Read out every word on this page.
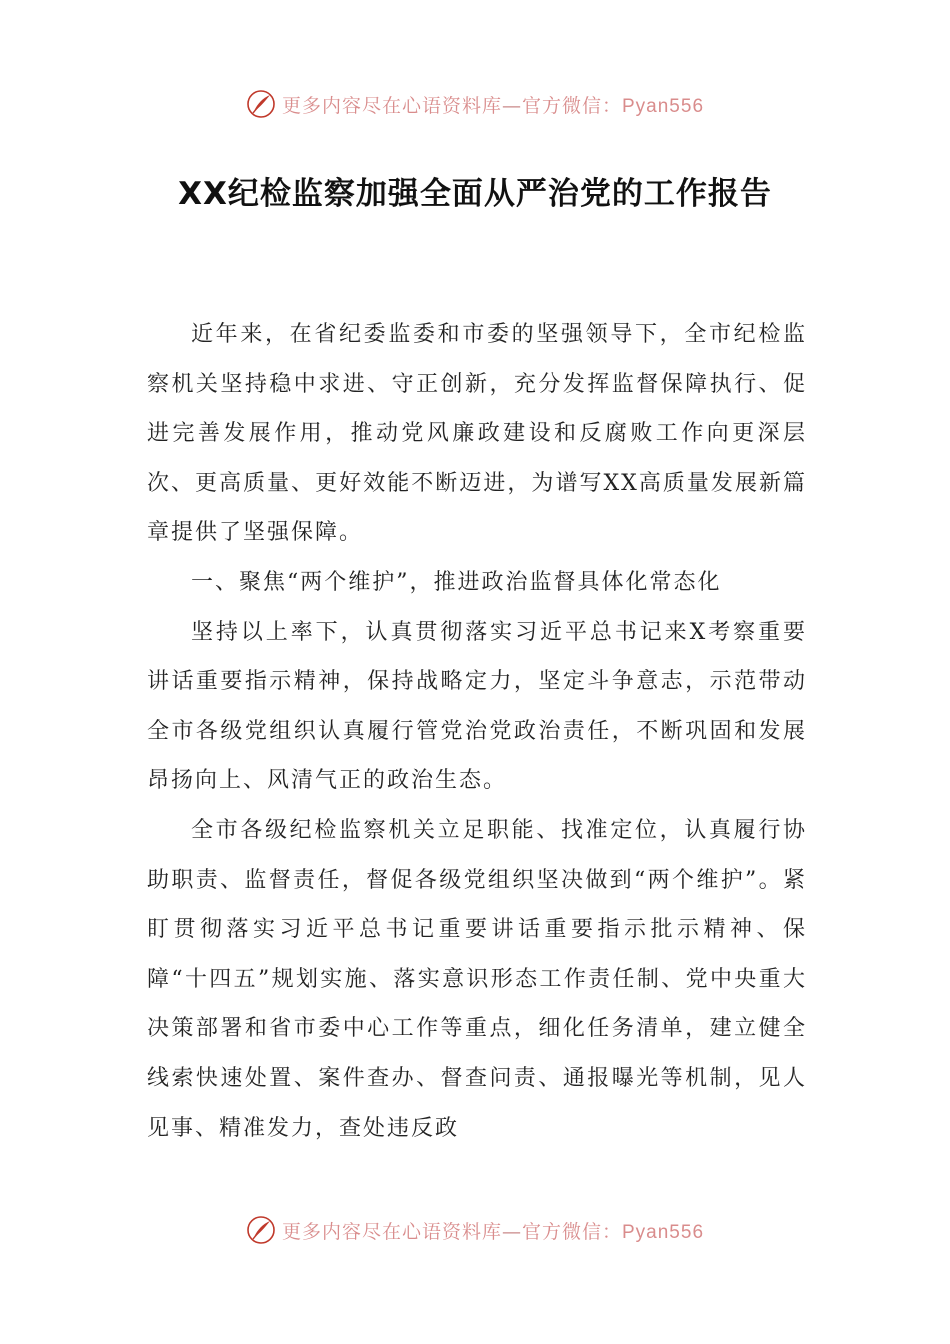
更多内容尽在心语资料库—官方微信：Pyan556
XX纪检监察加强全面从严治党的工作报告

近年来，在省纪委监委和市委的坚强领导下，全市纪检监察机关坚持稳中求进、守正创新，充分发挥监督保障执行、促进完善发展作用，推动党风廉政建设和反腐败工作向更深层次、更高质量、更好效能不断迈进，为谱写XX高质量发展新篇章提供了坚强保障。

一、聚焦“两个维护”，推进政治监督具体化常态化

坚持以上率下，认真贯彻落实习近平总书记来X考察重要讲话重要指示精神，保持战略定力，坚定斗争意志，示范带动全市各级党组织认真履行管党治党政治责任，不断巩固和发展昂扬向上、风清气正的政治生态。

全市各级纪检监察机关立足职能、找准定位，认真履行协助职责、监督责任，督促各级党组织坚决做到“两个维护”。紧盯贯彻落实习近平总书记重要讲话重要指示批示精神、保障“十四五”规划实施、落实意识形态工作责任制、党中央重大决策部署和省市委中心工作等重点，细化任务清单，建立健全线索快速处置、案件查办、督查问责、通报曝光等机制，见人见事、精准发力，查处违反政

更多内容尽在心语资料库—官方微信：Pyan556
